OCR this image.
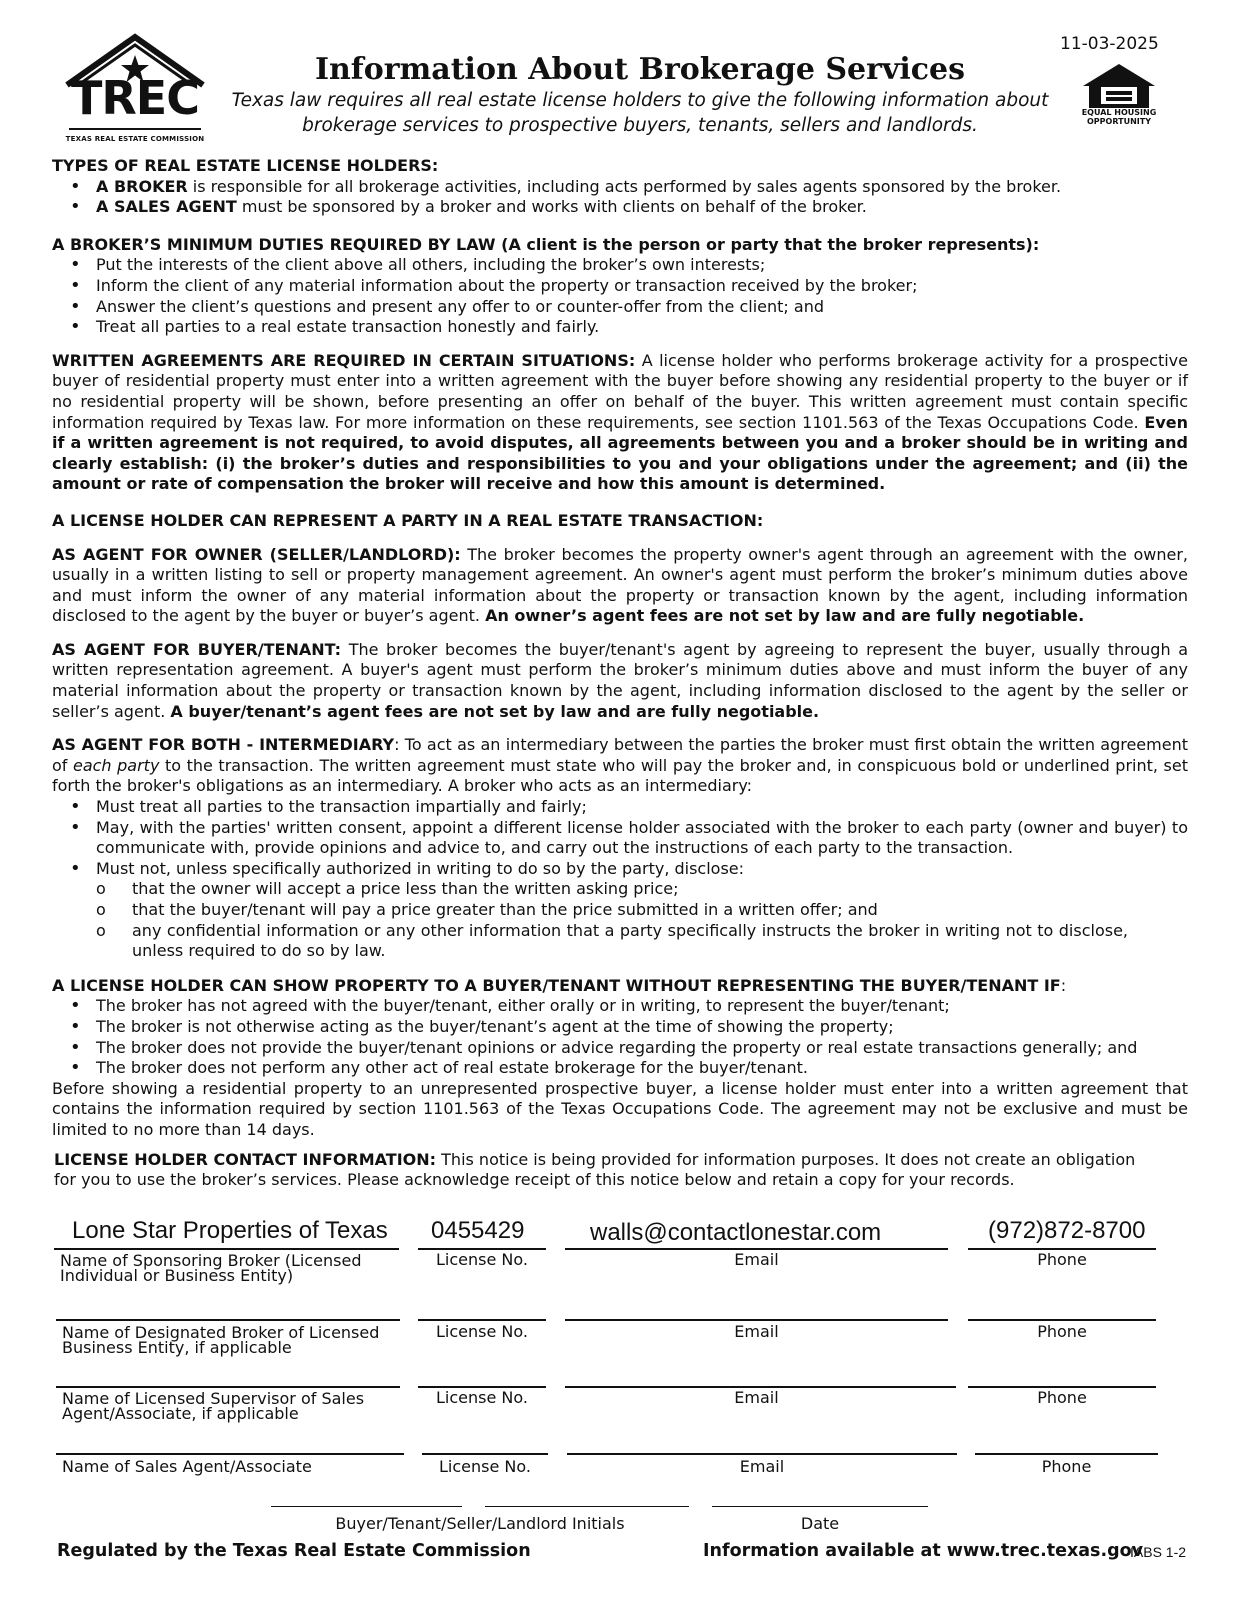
TREC
TEXAS REAL ESTATE COMMISSION
11-03-2025
Information About Brokerage Services
Texas law requires all real estate license holders to give the following information about
brokerage services to prospective buyers, tenants, sellers and landlords.
EQUAL HOUSING OPPORTUNITY

TYPES OF REAL ESTATE LICENSE HOLDERS:

• A BROKER is responsible for all brokerage activities, including acts performed by sales agents sponsored by the broker.
• A SALES AGENT must be sponsored by a broker and works with clients on behalf of the broker.

A BROKER’S MINIMUM DUTIES REQUIRED BY LAW (A client is the person or party that the broker represents):

• Put the interests of the client above all others, including the broker’s own interests;
• Inform the client of any material information about the property or transaction received by the broker;
• Answer the client’s questions and present any offer to or counter-offer from the client; and
• Treat all parties to a real estate transaction honestly and fairly.

WRITTEN AGREEMENTS ARE REQUIRED IN CERTAIN SITUATIONS: A license holder who performs brokerage activity for a prospective buyer of residential property must enter into a written agreement with the buyer before showing any residential property to the buyer or if no residential property will be shown, before presenting an offer on behalf of the buyer. This written agreement must contain specific information required by Texas law. For more information on these requirements, see section 1101.563 of the Texas Occupations Code. Even if a written agreement is not required, to avoid disputes, all agreements between you and a broker should be in writing and clearly establish: (i) the broker’s duties and responsibilities to you and your obligations under the agreement; and (ii) the amount or rate of compensation the broker will receive and how this amount is determined.

A LICENSE HOLDER CAN REPRESENT A PARTY IN A REAL ESTATE TRANSACTION:

AS AGENT FOR OWNER (SELLER/LANDLORD): The broker becomes the property owner's agent through an agreement with the owner, usually in a written listing to sell or property management agreement. An owner's agent must perform the broker’s minimum duties above and must inform the owner of any material information about the property or transaction known by the agent, including information disclosed to the agent by the buyer or buyer’s agent. An owner’s agent fees are not set by law and are fully negotiable.

AS AGENT FOR BUYER/TENANT: The broker becomes the buyer/tenant's agent by agreeing to represent the buyer, usually through a written representation agreement. A buyer's agent must perform the broker’s minimum duties above and must inform the buyer of any material information about the property or transaction known by the agent, including information disclosed to the agent by the seller or seller’s agent. A buyer/tenant’s agent fees are not set by law and are fully negotiable.

AS AGENT FOR BOTH - INTERMEDIARY: To act as an intermediary between the parties the broker must first obtain the written agreement of each party to the transaction. The written agreement must state who will pay the broker and, in conspicuous bold or underlined print, set forth the broker's obligations as an intermediary. A broker who acts as an intermediary:

• Must treat all parties to the transaction impartially and fairly;
• May, with the parties' written consent, appoint a different license holder associated with the broker to each party (owner and buyer) to communicate with, provide opinions and advice to, and carry out the instructions of each party to the transaction.
• Must not, unless specifically authorized in writing to do so by the party, disclose:
o that the owner will accept a price less than the written asking price;
o that the buyer/tenant will pay a price greater than the price submitted in a written offer; and
o any confidential information or any other information that a party specifically instructs the broker in writing not to disclose, unless required to do so by law.

A LICENSE HOLDER CAN SHOW PROPERTY TO A BUYER/TENANT WITHOUT REPRESENTING THE BUYER/TENANT IF:

• The broker has not agreed with the buyer/tenant, either orally or in writing, to represent the buyer/tenant;
• The broker is not otherwise acting as the buyer/tenant’s agent at the time of showing the property;
• The broker does not provide the buyer/tenant opinions or advice regarding the property or real estate transactions generally; and
• The broker does not perform any other act of real estate brokerage for the buyer/tenant.

Before showing a residential property to an unrepresented prospective buyer, a license holder must enter into a written agreement that contains the information required by section 1101.563 of the Texas Occupations Code. The agreement may not be exclusive and must be limited to no more than 14 days.

LICENSE HOLDER CONTACT INFORMATION: This notice is being provided for information purposes. It does not create an obligation for you to use the broker’s services. Please acknowledge receipt of this notice below and retain a copy for your records.

Lone Star Properties of Texas 0455429	walls@contactlonestar.com	(972)872-8700
Name of Sponsoring Broker (Licensed Individual or Business Entity)
License No.	Email	Phone
Name of Designated Broker of Licensed Business Entity, if applicable
License No.	Email	Phone
Name of Licensed Supervisor of Sales Agent/Associate, if applicable
License No.	Email	Phone
Name of Sales Agent/Associate	License No.	Email	Phone
Buyer/Tenant/Seller/Landlord Initials	Date
Regulated by the Texas Real Estate Commission	Information available at www.trec.texas.gov
IABS 1-2
